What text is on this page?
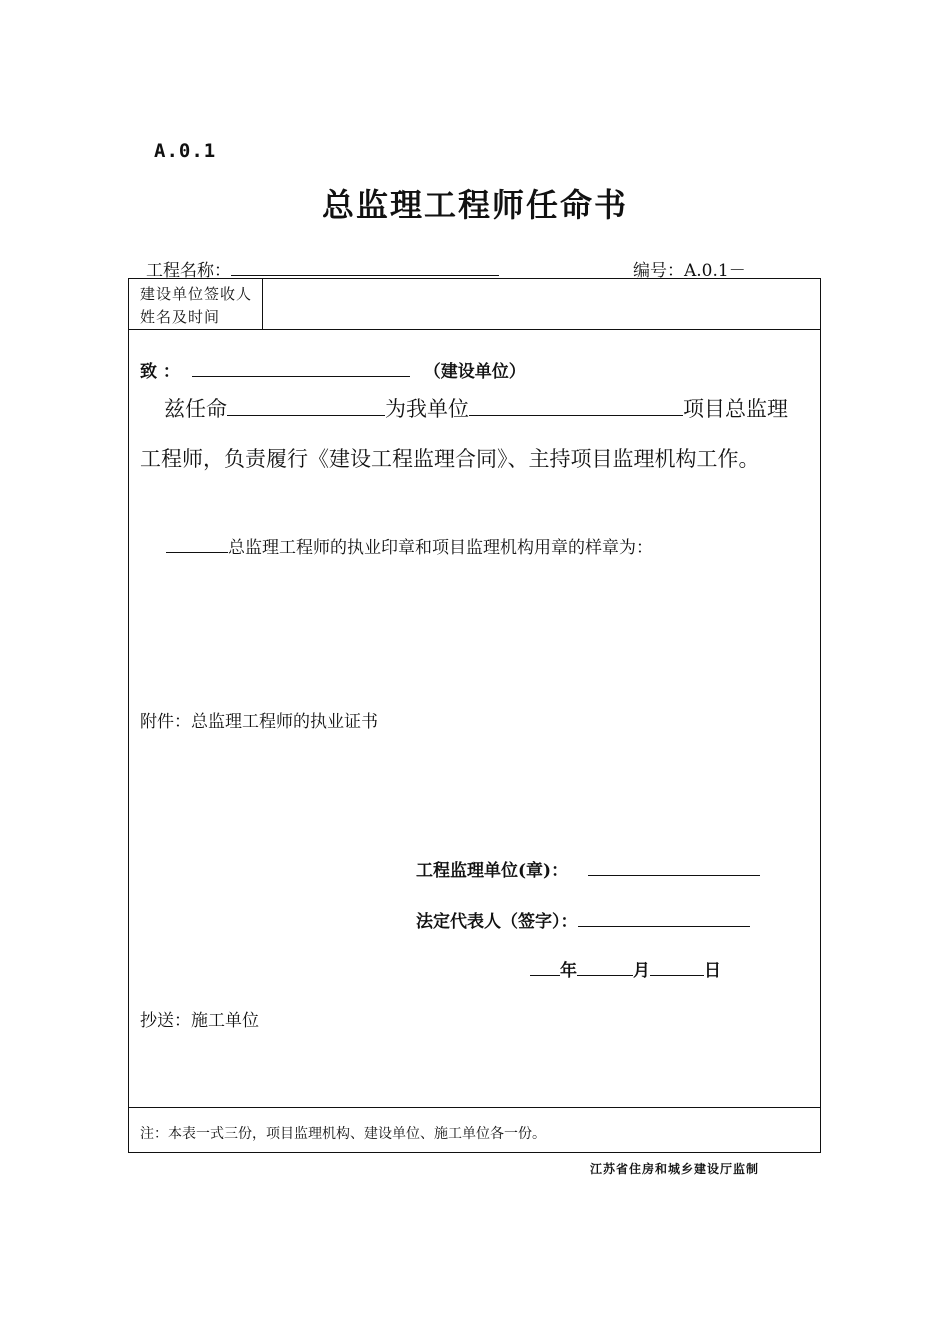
A.0.1
总监理工程师任命书
工程名称：	编号：A.0.1－
建设单位签收人姓名及时间
致 ：	（建设单位）
兹任命	为我单位	项目总监理
工程师，负责履行《建设工程监理合同》、主持项目监理机构工作。
总监理工程师的执业印章和项目监理机构用章的样章为：
附件：总监理工程师的执业证书
工程监理单位(章)：
法定代表人（签字）：
年	月	日
抄送：施工单位
注：本表一式三份，项目监理机构、建设单位、施工单位各一份。
江苏省住房和城乡建设厅监制
